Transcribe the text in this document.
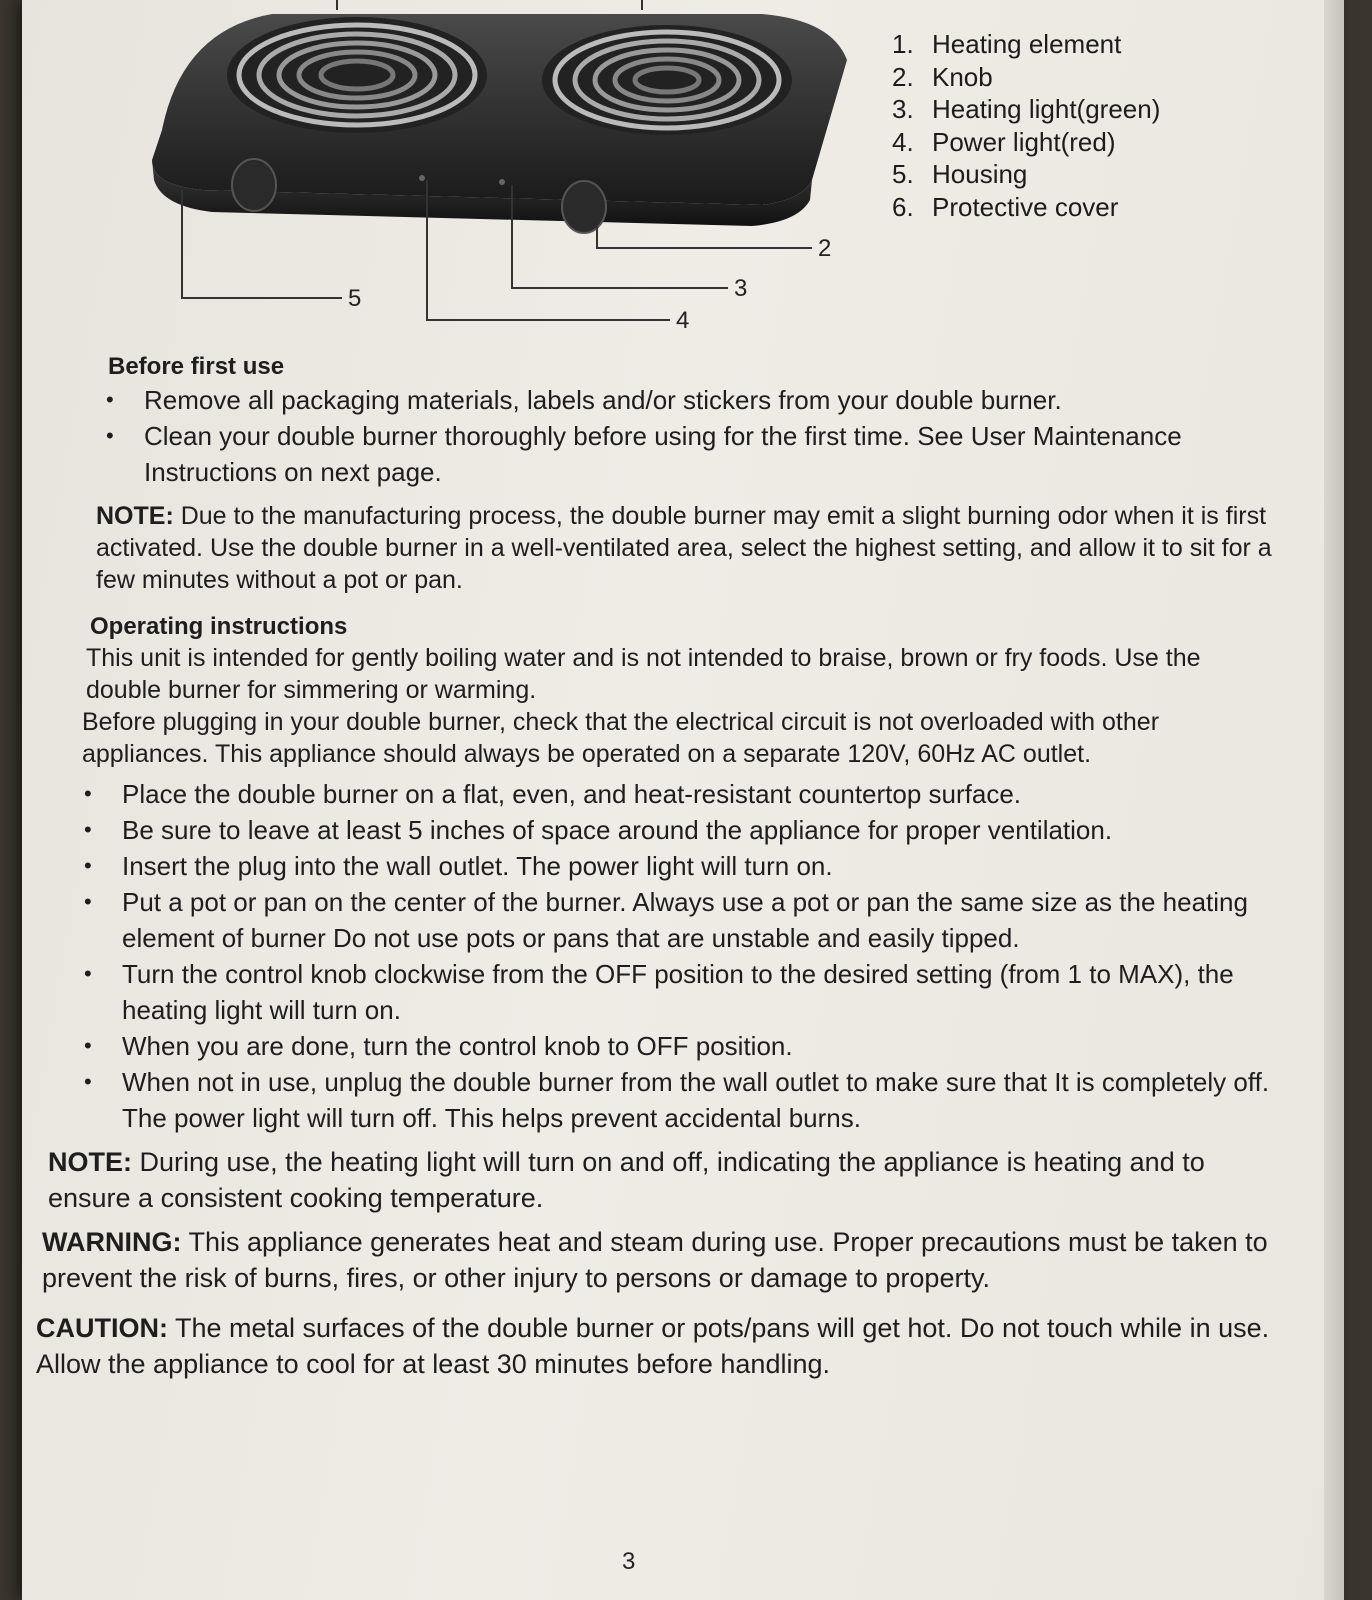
2
3
5
4
1. Heating element
2. Knob
3. Heating light(green)
4. Power light(red)
5. Housing
6. Protective cover
Before first use
• Remove all packaging materials, labels and/or stickers from your double burner.
• Clean your double burner thoroughly before using for the first time. See User Maintenance Instructions on next page.

NOTE: Due to the manufacturing process, the double burner may emit a slight burning odor when it is first activated. Use the double burner in a well-ventilated area, select the highest setting, and allow it to sit for a few minutes without a pot or pan.

Operating instructions

This unit is intended for gently boiling water and is not intended to braise, brown or fry foods. Use the double burner for simmering or warming.

Before plugging in your double burner, check that the electrical circuit is not overloaded with other appliances. This appliance should always be operated on a separate 120V, 60Hz AC outlet.

• Place the double burner on a flat, even, and heat-resistant countertop surface.
• Be sure to leave at least 5 inches of space around the appliance for proper ventilation.
• Insert the plug into the wall outlet. The power light will turn on.
• Put a pot or pan on the center of the burner. Always use a pot or pan the same size as the heating element of burner Do not use pots or pans that are unstable and easily tipped.
• Turn the control knob clockwise from the OFF position to the desired setting (from 1 to MAX), the heating light will turn on.
• When you are done, turn the control knob to OFF position.
• When not in use, unplug the double burner from the wall outlet to make sure that It is completely off. The power light will turn off. This helps prevent accidental burns.

NOTE: During use, the heating light will turn on and off, indicating the appliance is heating and to ensure a consistent cooking temperature.

WARNING: This appliance generates heat and steam during use. Proper precautions must be taken to prevent the risk of burns, fires, or other injury to persons or damage to property.

CAUTION: The metal surfaces of the double burner or pots/pans will get hot. Do not touch while in use. Allow the appliance to cool for at least 30 minutes before handling.

3
